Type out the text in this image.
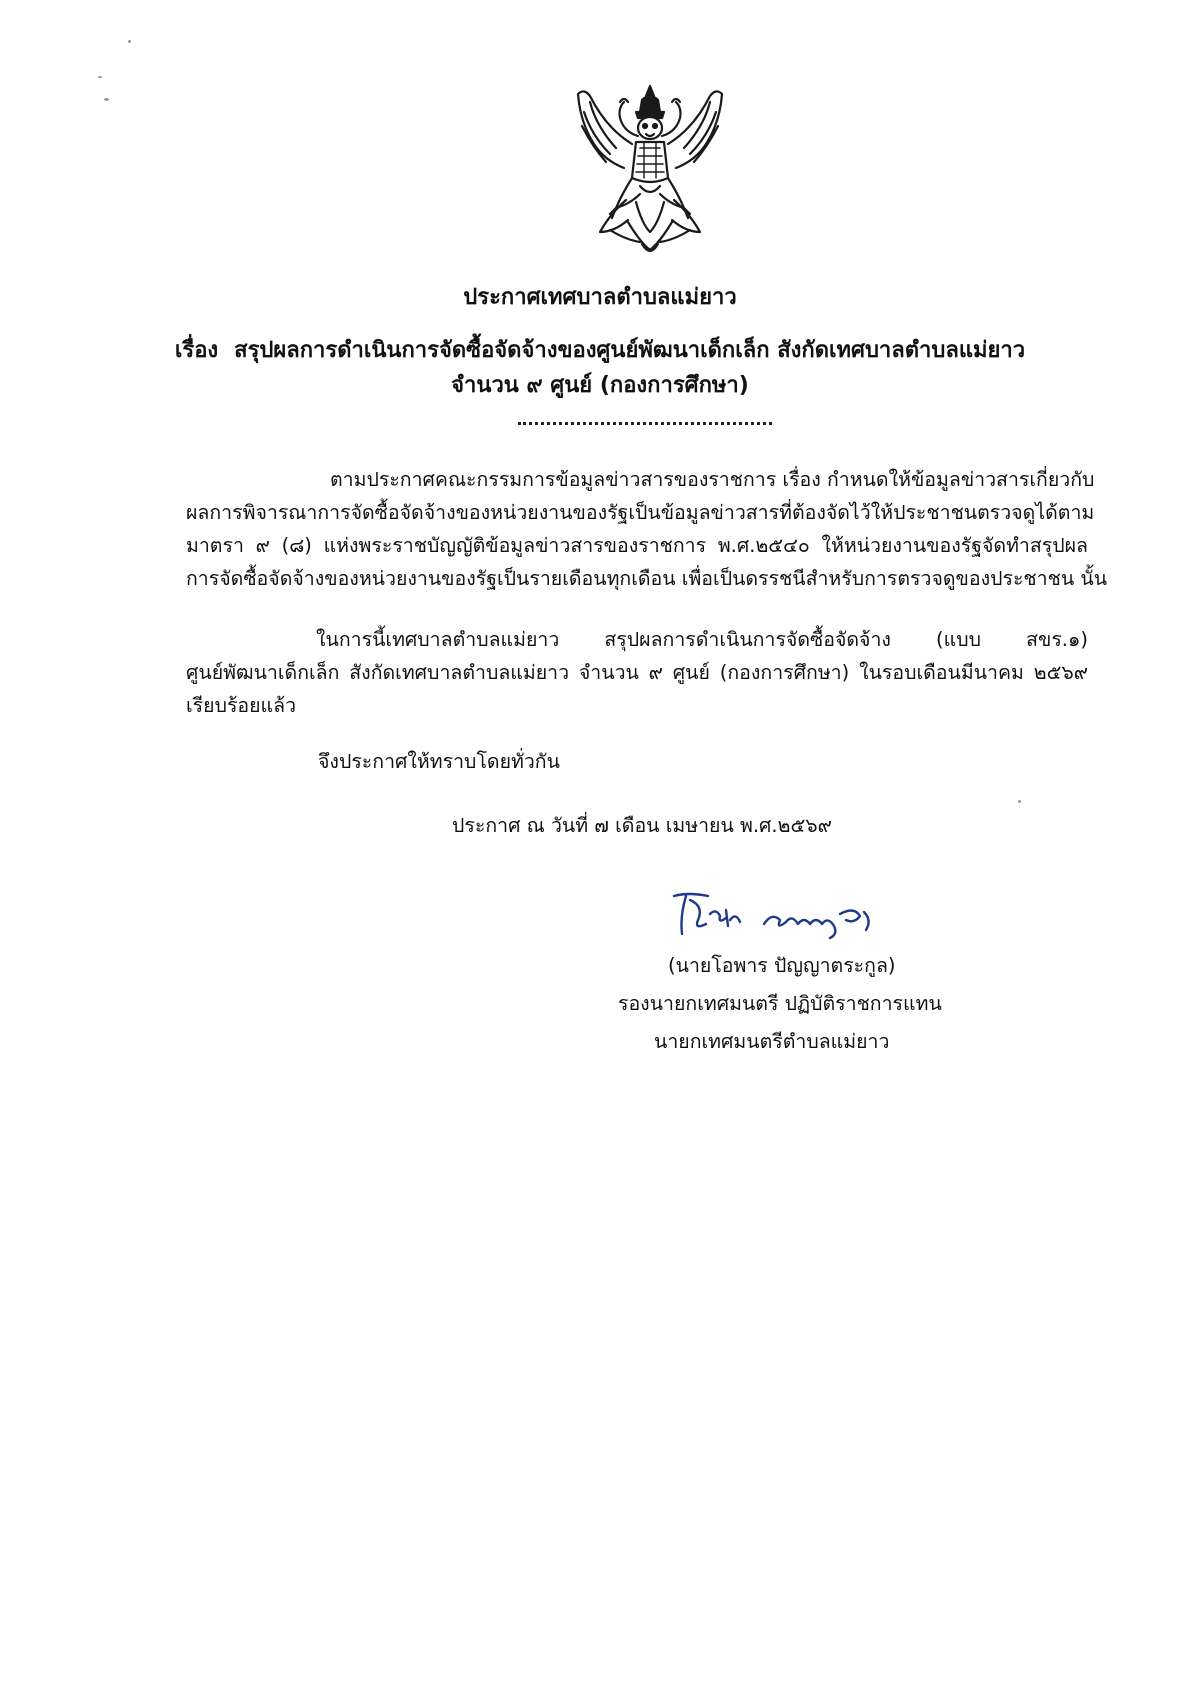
ประกาศเทศบาลตำบลแม่ยาว
เรื่อง สรุปผลการดำเนินการจัดซื้อจัดจ้างของศูนย์พัฒนาเด็กเล็ก สังกัดเทศบาลตำบลแม่ยาว
จำนวน ๙ ศูนย์ (กองการศึกษา)
ตามประกาศคณะกรรมการข้อมูลข่าวสารของราชการ เรื่อง กำหนดให้ข้อมูลข่าวสารเกี่ยวกับ
ผลการพิจารณาการจัดซื้อจัดจ้างของหน่วยงานของรัฐเป็นข้อมูลข่าวสารที่ต้องจัดไว้ให้ประชาชนตรวจดูได้ตาม
มาตรา ๙ (๘) แห่งพระราชบัญญัติข้อมูลข่าวสารของราชการ พ.ศ.๒๕๔๐ ให้หน่วยงานของรัฐจัดทำสรุปผล
การจัดซื้อจัดจ้างของหน่วยงานของรัฐเป็นรายเดือนทุกเดือน เพื่อเป็นดรรชนีสำหรับการตรวจดูของประชาชน นั้น
ในการนี้เทศบาลตำบลแม่ยาว สรุปผลการดำเนินการจัดซื้อจัดจ้าง (แบบ สขร.๑)
ศูนย์พัฒนาเด็กเล็ก สังกัดเทศบาลตำบลแม่ยาว จำนวน ๙ ศูนย์ (กองการศึกษา) ในรอบเดือนมีนาคม ๒๕๖๙
เรียบร้อยแล้ว
จึงประกาศให้ทราบโดยทั่วกัน
ประกาศ ณ วันที่ ๗ เดือน เมษายน พ.ศ.๒๕๖๙
(นายโอพาร ปัญญาตระกูล)
รองนายกเทศมนตรี ปฏิบัติราชการแทน
นายกเทศมนตรีตำบลแม่ยาว
